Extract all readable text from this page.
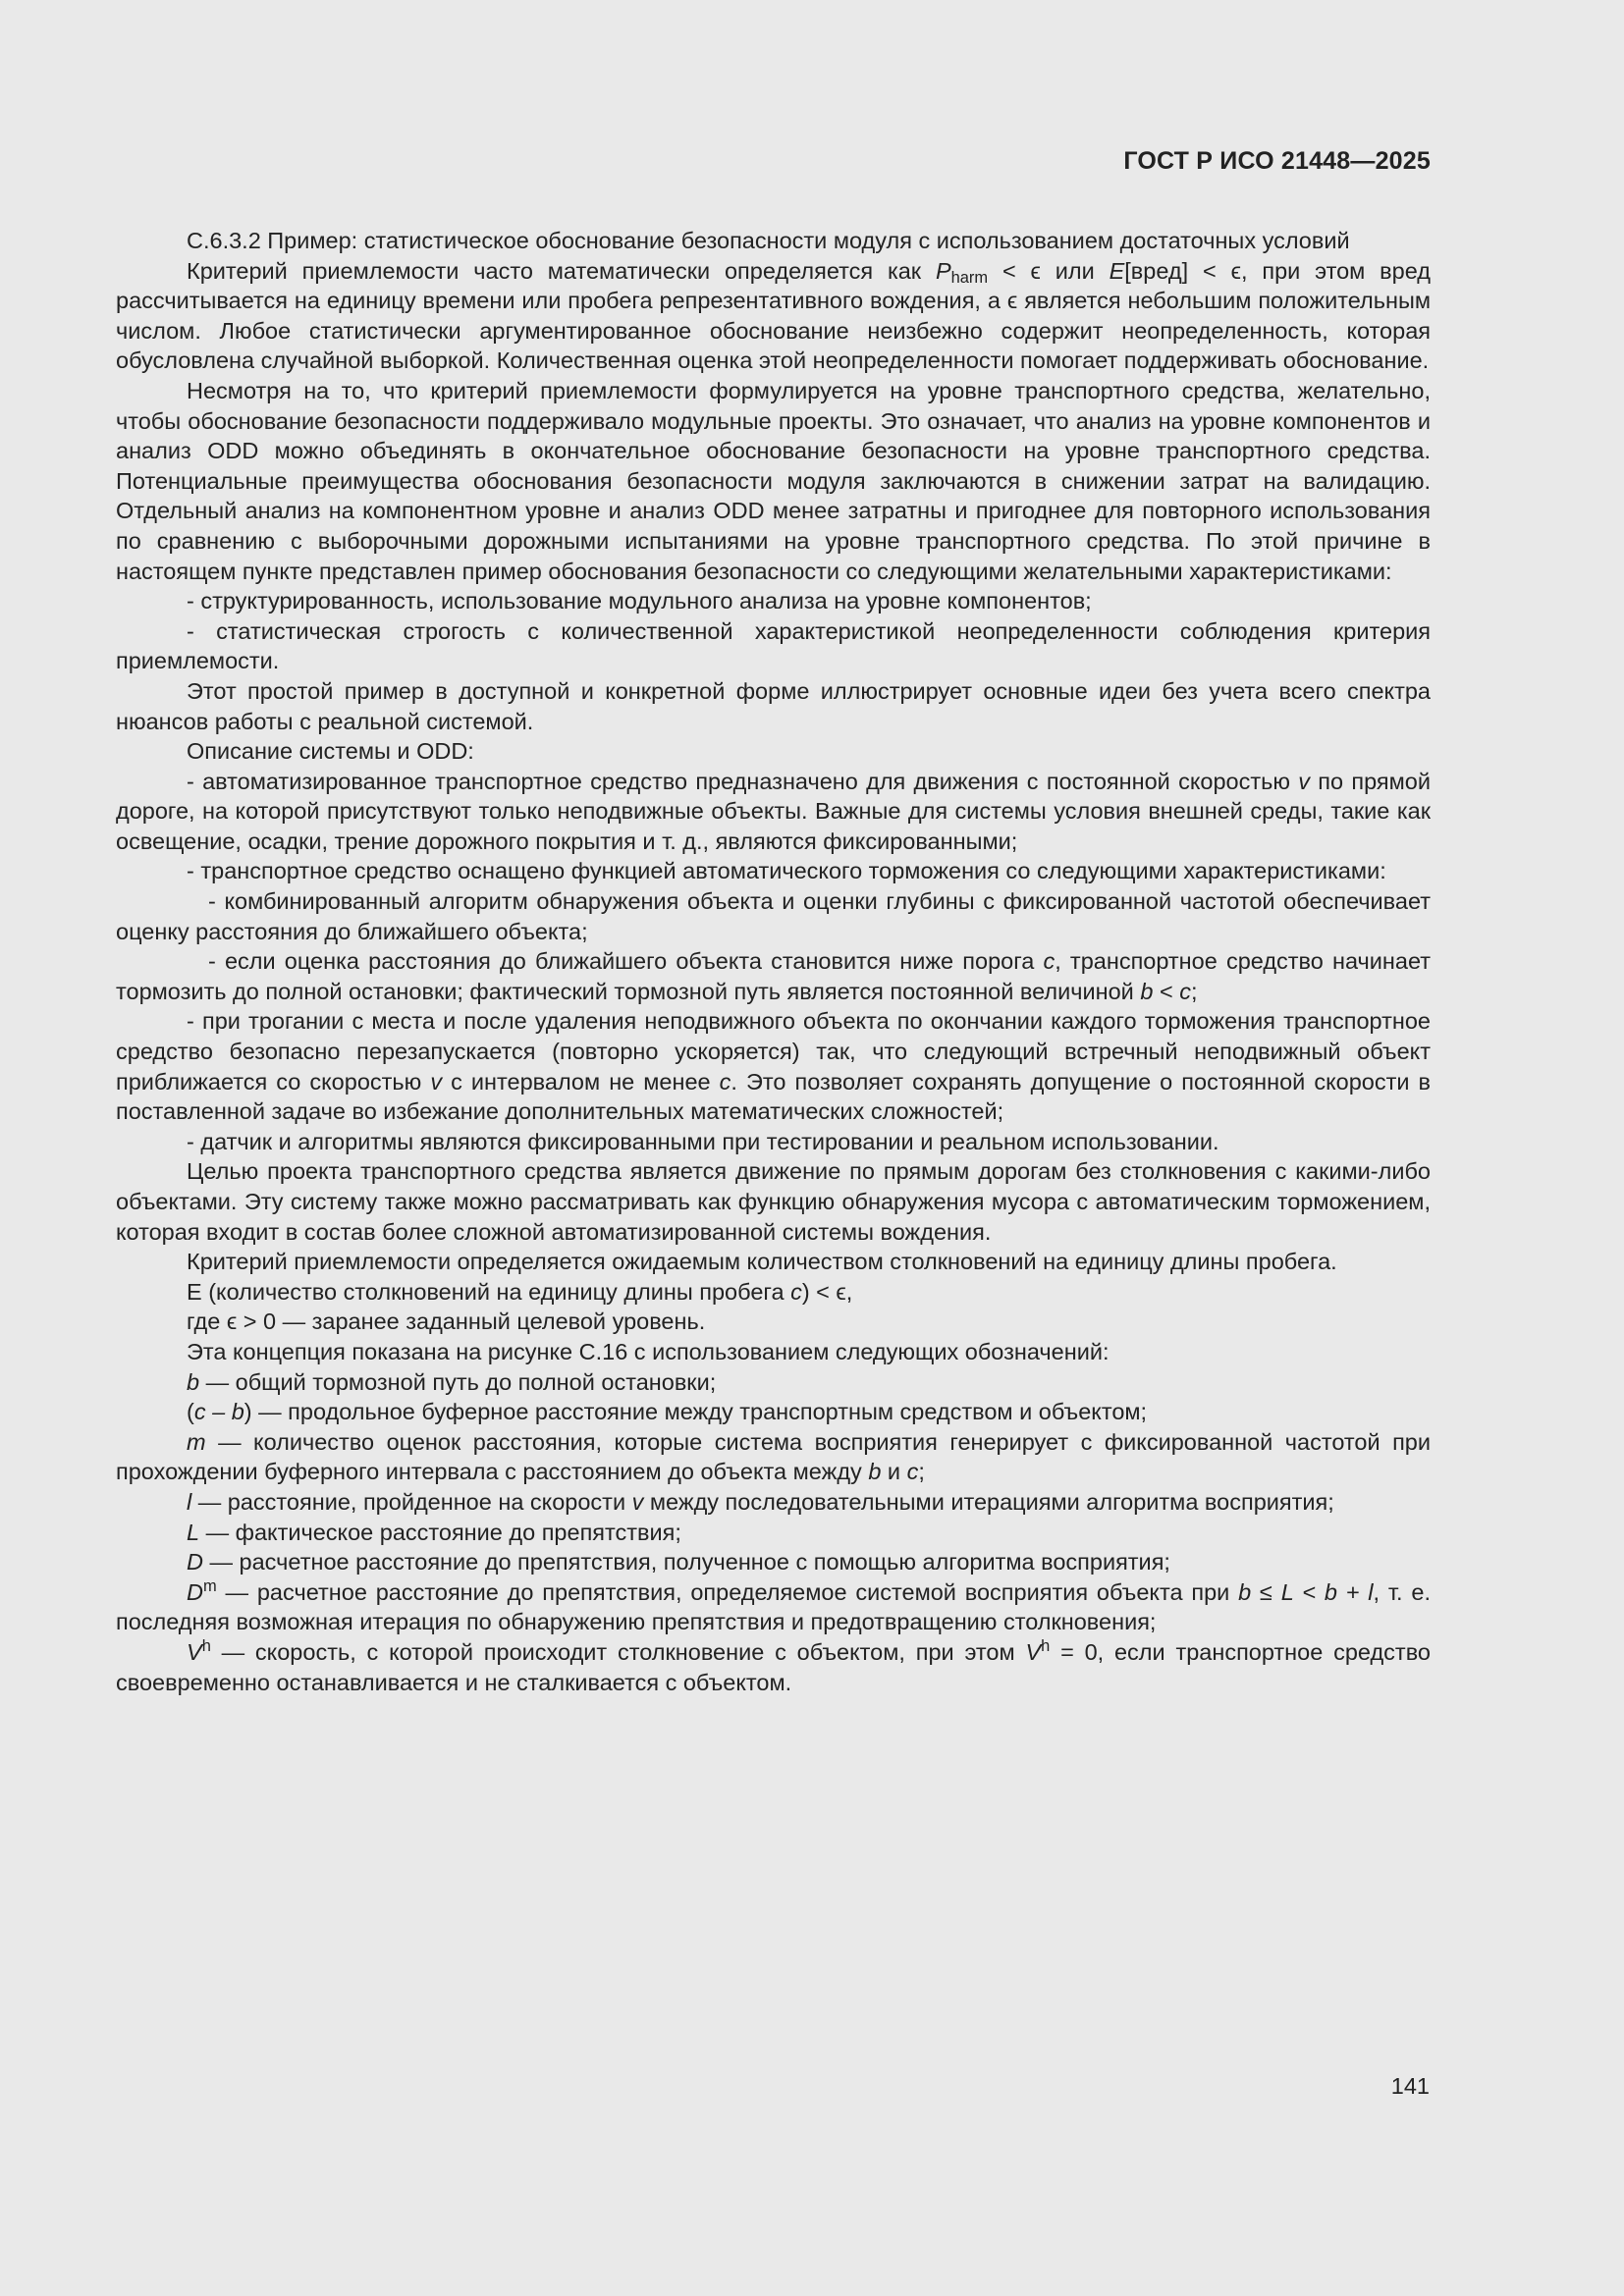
ГОСТ Р ИСО 21448—2025

C.6.3.2 Пример: статистическое обоснование безопасности модуля с использованием достаточных условий

Критерий приемлемости часто математически определяется как $P_{harm} < \epsilon$ или E[вред] < ϵ, при этом вред рассчитывается на единицу времени или пробега репрезентативного вождения, а ϵ является небольшим положительным числом. Любое статистически аргументированное обоснование неизбежно содержит неопределенность, которая обусловлена случайной выборкой. Количественная оценка этой неопределенности помогает поддерживать обоснование.

Несмотря на то, что критерий приемлемости формулируется на уровне транспортного средства, желательно, чтобы обоснование безопасности поддерживало модульные проекты. Это означает, что анализ на уровне компонентов и анализ ODD можно объединять в окончательное обоснование безопасности на уровне транспортного средства. Потенциальные преимущества обоснования безопасности модуля заключаются в снижении затрат на валидацию. Отдельный анализ на компонентном уровне и анализ ODD менее затратны и пригоднее для повторного использования по сравнению с выборочными дорожными испытаниями на уровне транспортного средства. По этой причине в настоящем пункте представлен пример обоснования безопасности со следующими желательными характеристиками:

- структурированность, использование модульного анализа на уровне компонентов;

- статистическая строгость с количественной характеристикой неопределенности соблюдения критерия приемлемости.

Этот простой пример в доступной и конкретной форме иллюстрирует основные идеи без учета всего спектра нюансов работы с реальной системой.

Описание системы и ODD:

- автоматизированное транспортное средство предназначено для движения с постоянной скоростью v по прямой дороге, на которой присутствуют только неподвижные объекты. Важные для системы условия внешней среды, такие как освещение, осадки, трение дорожного покрытия и т. д., являются фиксированными;

- транспортное средство оснащено функцией автоматического торможения со следующими характеристиками:

- комбинированный алгоритм обнаружения объекта и оценки глубины с фиксированной частотой обеспечивает оценку расстояния до ближайшего объекта;

- если оценка расстояния до ближайшего объекта становится ниже порога c, транспортное средство начинает тормозить до полной остановки; фактический тормозной путь является постоянной величиной b < c;

- при трогании с места и после удаления неподвижного объекта по окончании каждого торможения транспортное средство безопасно перезапускается (повторно ускоряется) так, что следующий встречный неподвижный объект приближается со скоростью v с интервалом не менее c. Это позволяет сохранять допущение о постоянной скорости в поставленной задаче во избежание дополнительных математических сложностей;

- датчик и алгоритмы являются фиксированными при тестировании и реальном использовании.

Целью проекта транспортного средства является движение по прямым дорогам без столкновения с какими-либо объектами. Эту систему также можно рассматривать как функцию обнаружения мусора с автоматическим торможением, которая входит в состав более сложной автоматизированной системы вождения.

Критерий приемлемости определяется ожидаемым количеством столкновений на единицу длины пробега.

E (количество столкновений на единицу длины пробега c) < ϵ,

где ϵ > 0 — заранее заданный целевой уровень.

Эта концепция показана на рисунке C.16 с использованием следующих обозначений:

b — общий тормозной путь до полной остановки;

(c – b) — продольное буферное расстояние между транспортным средством и объектом;

m — количество оценок расстояния, которые система восприятия генерирует с фиксированной частотой при прохождении буферного интервала с расстоянием до объекта между b и c;

l — расстояние, пройденное на скорости v между последовательными итерациями алгоритма восприятия;

L — фактическое расстояние до препятствия;

D — расчетное расстояние до препятствия, полученное с помощью алгоритма восприятия;

$D^m$ — расчетное расстояние до препятствия, определяемое системой восприятия объекта при b ≤ L < b + l, т. е. последняя возможная итерация по обнаружению препятствия и предотвращению столкновения;

$V^h$ — скорость, с которой происходит столкновение с объектом, при этом $V^h = 0$, если транспортное средство своевременно останавливается и не сталкивается с объектом.

141
